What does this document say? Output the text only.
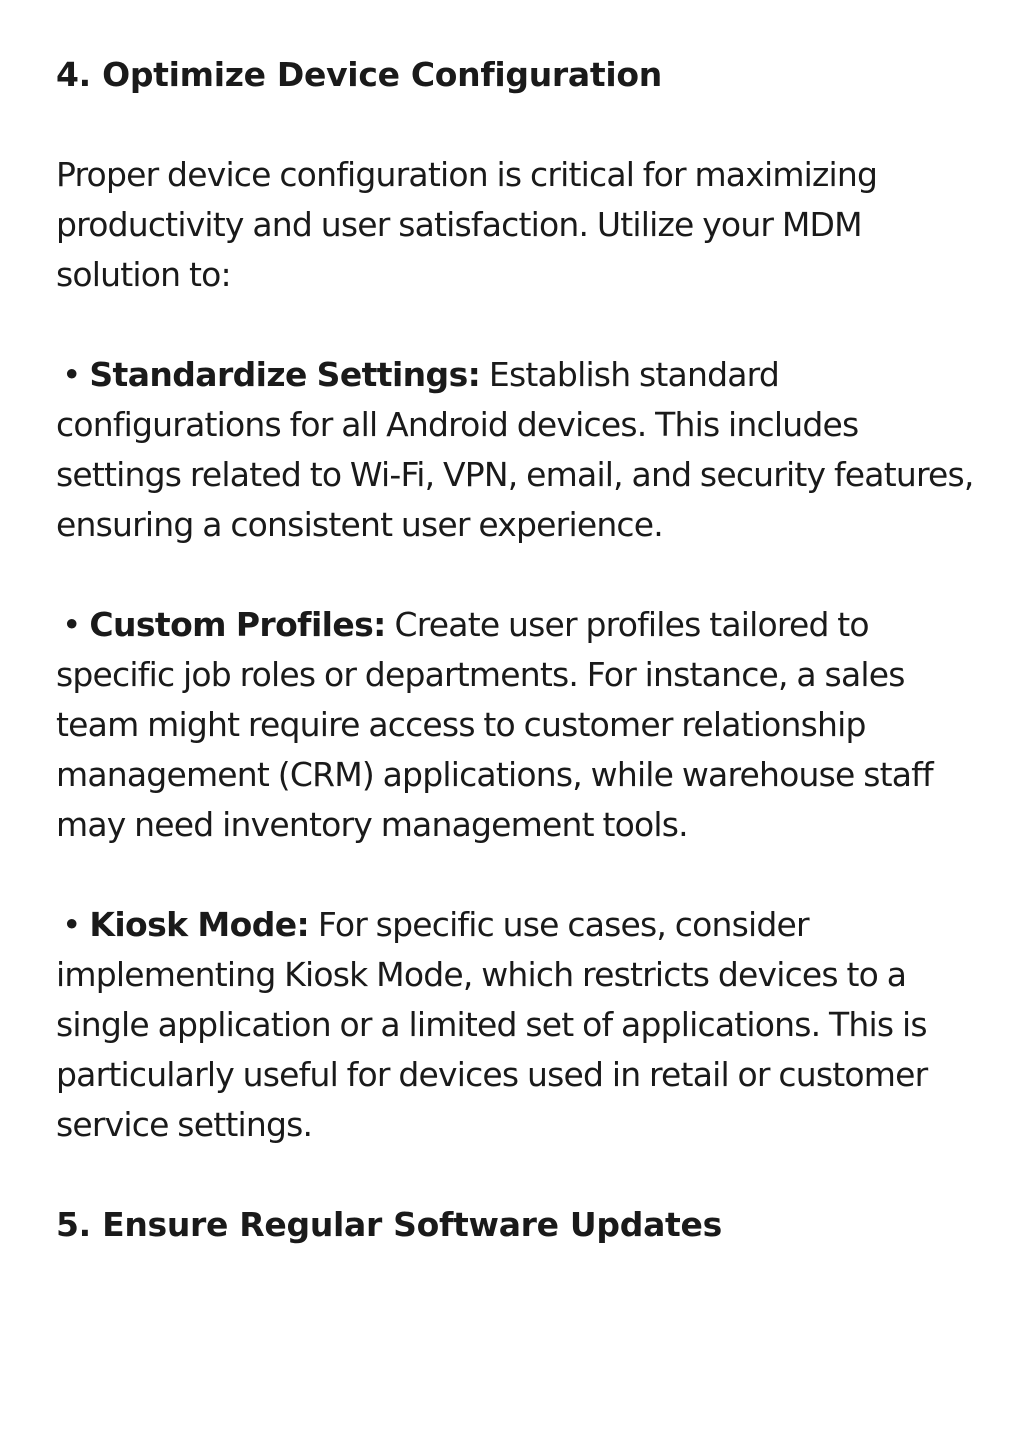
4. Optimize Device Configuration

Proper device configuration is critical for maximizing productivity and user satisfaction. Utilize your MDM solution to:

• Standardize Settings: Establish standard configurations for all Android devices. This includes settings related to Wi-Fi, VPN, email, and security features, ensuring a consistent user experience.

• Custom Profiles: Create user profiles tailored to specific job roles or departments. For instance, a sales team might require access to customer relationship management (CRM) applications, while warehouse staff may need inventory management tools.

• Kiosk Mode: For specific use cases, consider implementing Kiosk Mode, which restricts devices to a single application or a limited set of applications. This is particularly useful for devices used in retail or customer service settings.

5. Ensure Regular Software Updates
